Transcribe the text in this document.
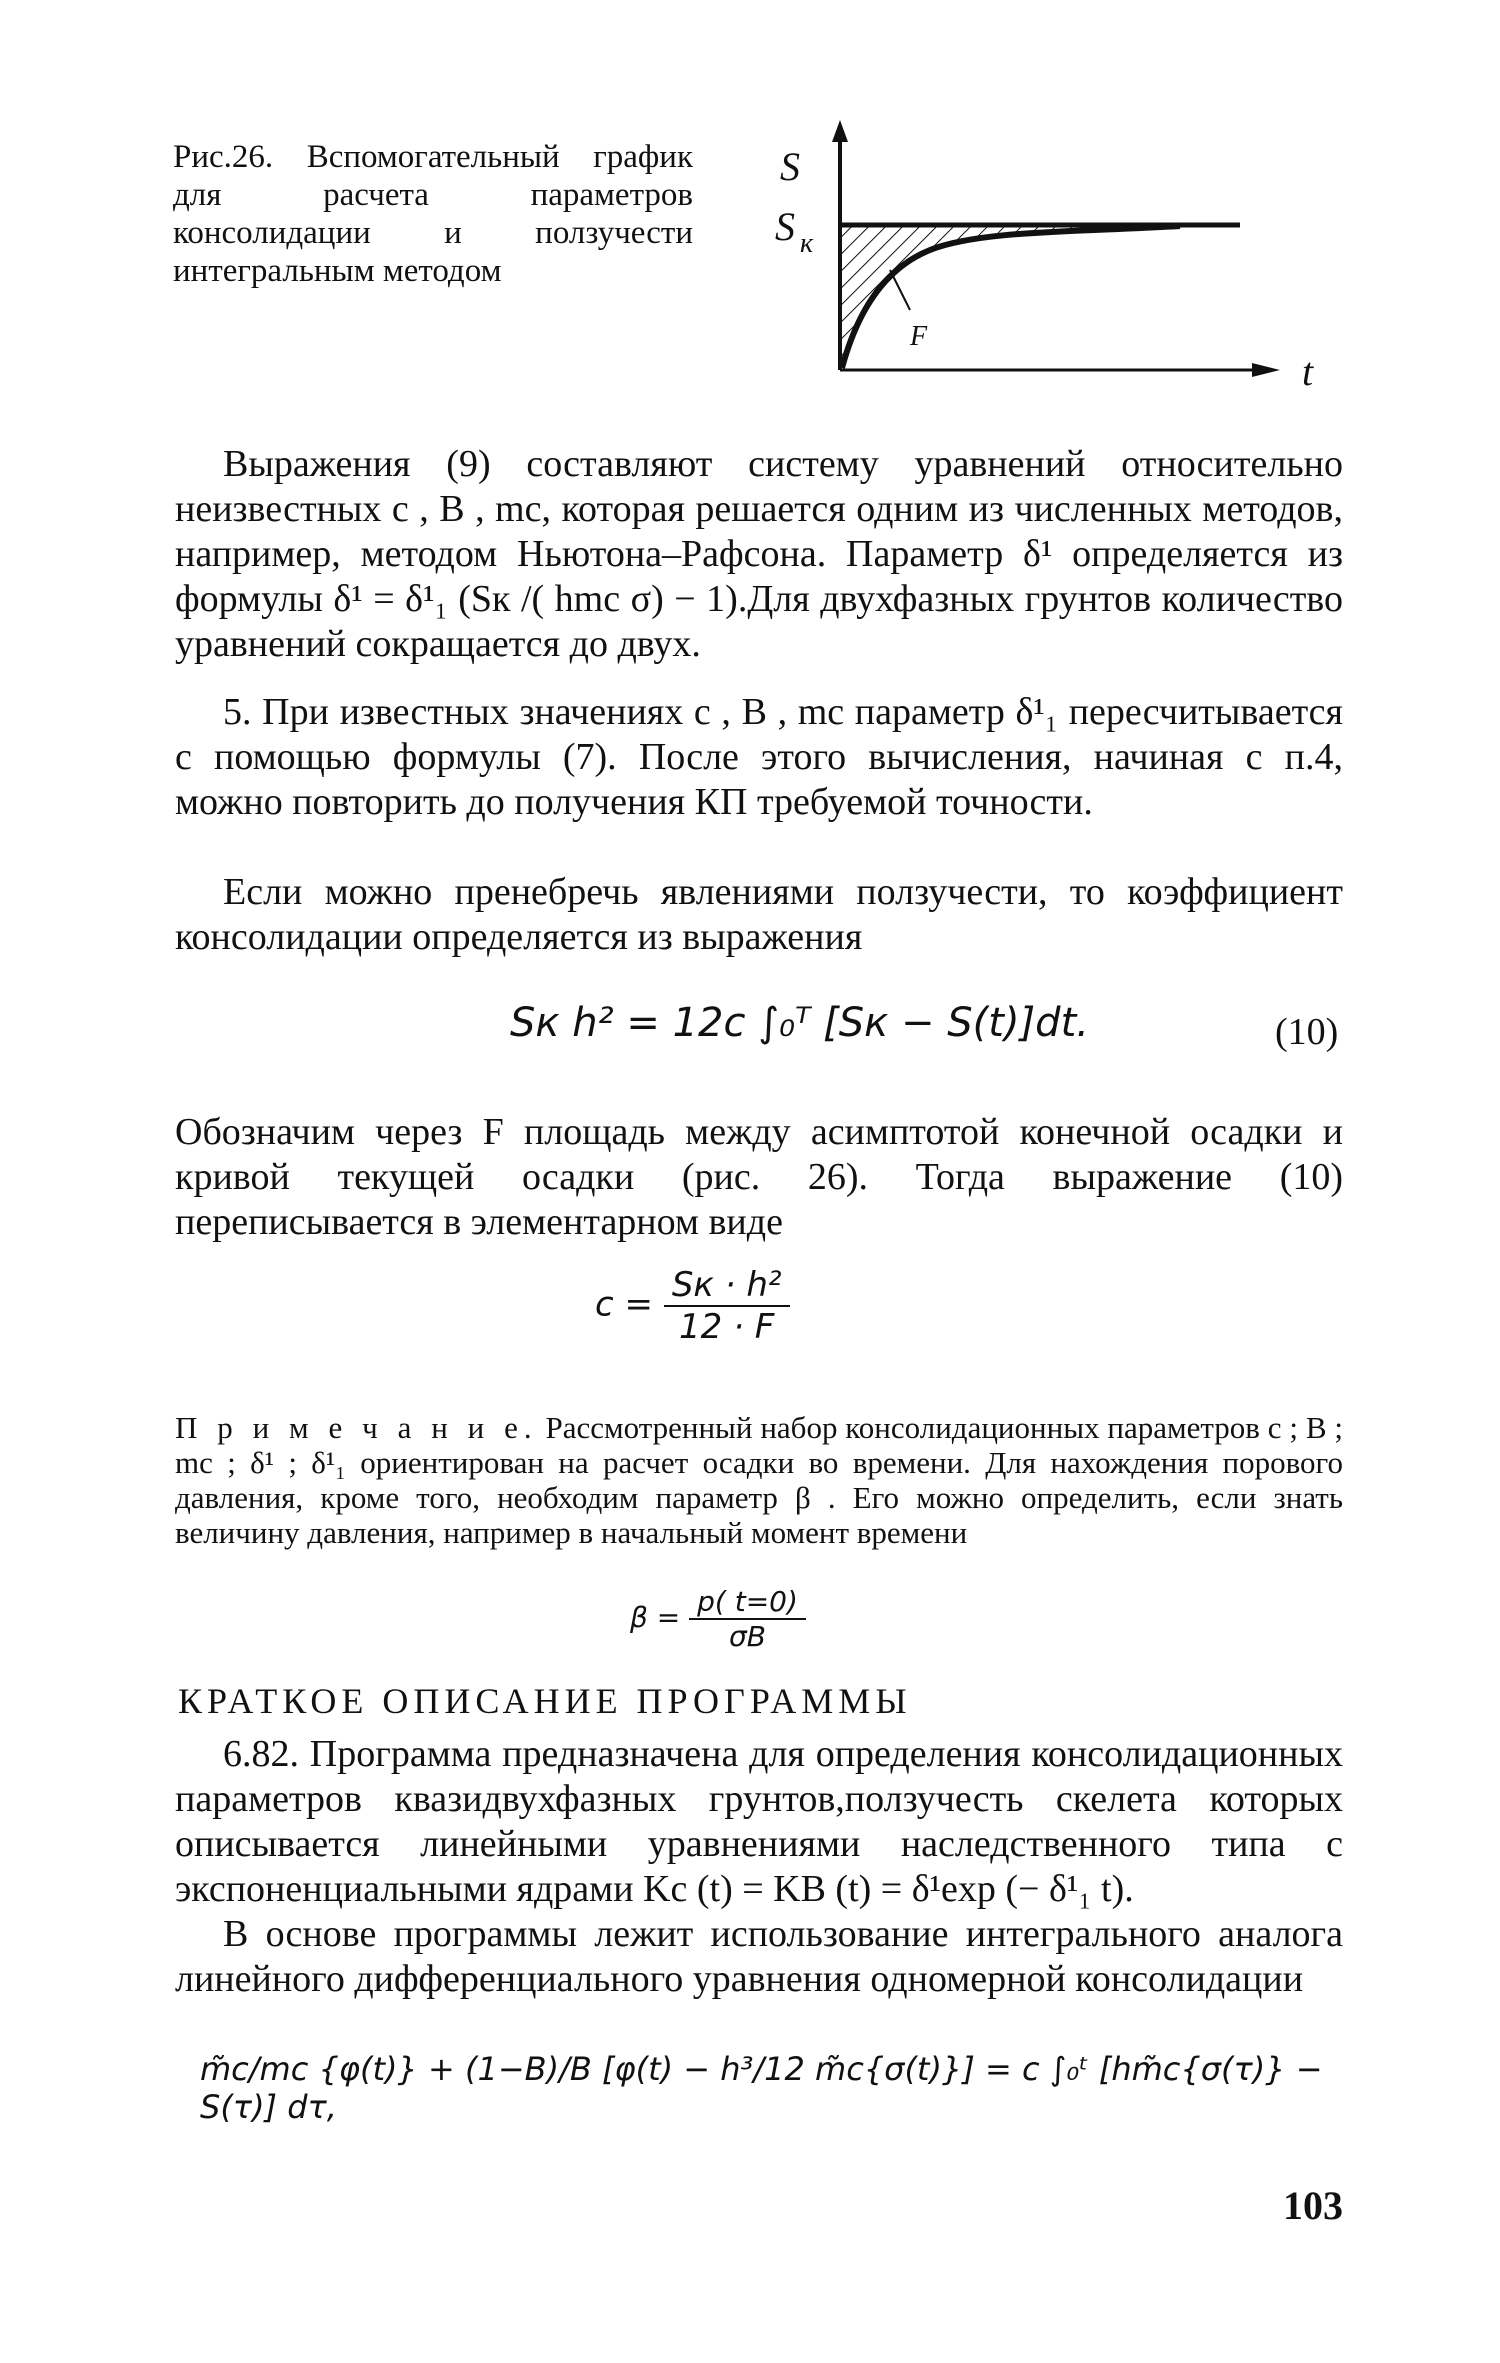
Рис.26. Вспомогательный график для расчета параметров консолидации и ползучести интегральным методом
S
S к
F
t
Выражения (9) составляют систему уравнений относительно неизвестных c , B , mc, которая решается одним из численных методов, например, методом Ньютона–Рафсона. Параметр δ¹ определяется из формулы δ¹ = δ¹₁ (Sк /( hmc σ) − 1).Для двухфазных грунтов количество уравнений сокращается до двух.
5. При известных значениях c , B , mc параметр δ¹₁ пересчитывается с помощью формулы (7). После этого вычисления, начиная с п.4, можно повторить до получения КП требуемой точности.
Если можно пренебречь явлениями ползучести, то коэффициент консолидации определяется из выражения
Sк h² = 12c ∫₀ᵀ [Sк − S(t)]dt.	(10)
Обозначим через F площадь между асимптотой конечной осадки и кривой текущей осадки (рис. 26). Тогда выражение (10) переписывается в элементарном виде
$c = \frac{\text{Sк · h²}}{12 \cdot F}$
П р и м е ч а н и е. Рассмотренный набор консолидационных параметров c ; B ; mc ; δ¹ ; δ¹₁ ориентирован на расчет осадки во времени. Для нахождения порового давления, кроме того, необходим параметр β . Его можно определить, если знать величину давления, например в начальный момент времени
$\beta = \frac{p( t=0)}{\sigma B}$
КРАТКОЕ ОПИСАНИЕ ПРОГРАММЫ
6.82. Программа предназначена для определения консолидационных параметров квазидвухфазных грунтов,ползучесть скелета которых описывается линейными уравнениями наследственного типа с экспоненциальными ядрами Kc (t) = KB (t) = δ¹exp (− δ¹₁ t).
В основе программы лежит использование интегрального аналога линейного дифференциального уравнения одномерной консолидации
m̃c/mc {φ(t)} + (1−B)/B [φ(t) − h³/12 m̃c{σ(t)}] = c ∫₀ᵗ [hm̃c{σ(τ)} − S(τ)] dτ,
103
